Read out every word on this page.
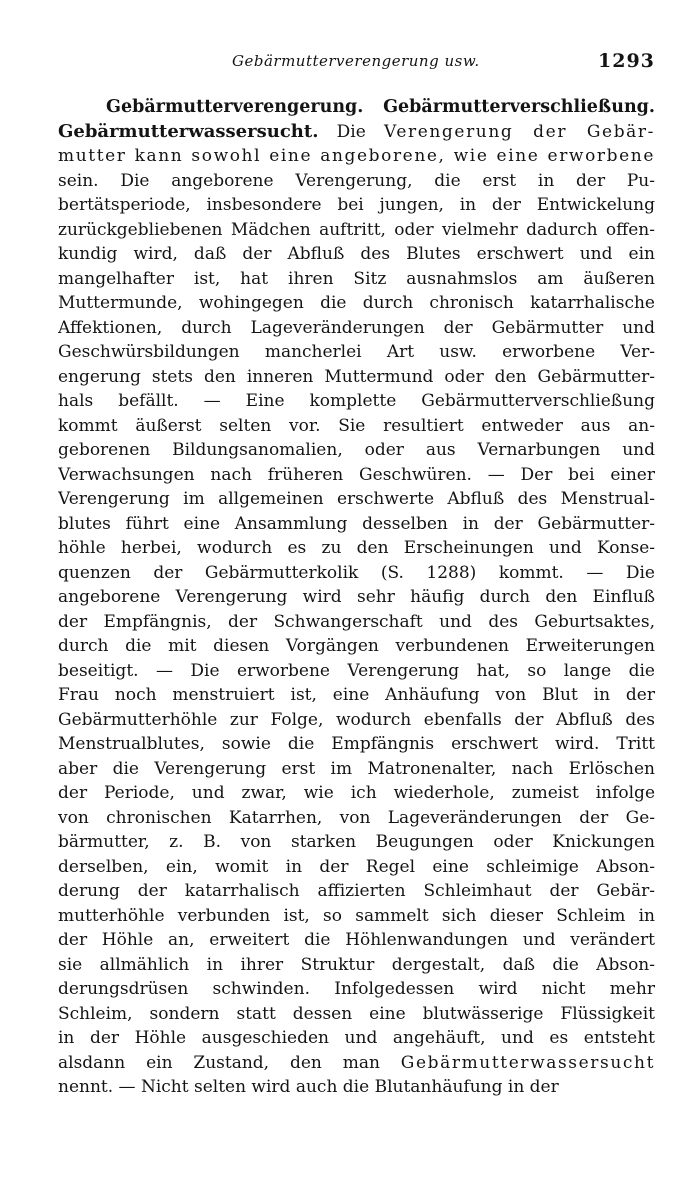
Gebärmutterverengerung usw.	1293
Gebärmutterverengerung. Gebärmutterverschließung.
Gebärmutterwassersucht. Die Verengerung der Gebär-
mutter kann sowohl eine angeborene, wie eine erworbene
sein. Die angeborene Verengerung, die erst in der Pu-
bertätsperiode, insbesondere bei jungen, in der Entwickelung
zurückgebliebenen Mädchen auftritt, oder vielmehr dadurch offen-
kundig wird, daß der Abfluß des Blutes erschwert und ein
mangelhafter ist, hat ihren Sitz ausnahmslos am äußeren
Muttermunde, wohingegen die durch chronisch katarrhalische
Affektionen, durch Lageveränderungen der Gebärmutter und
Geschwürsbildungen mancherlei Art usw. erworbene Ver-
engerung stets den inneren Muttermund oder den Gebärmutter-
hals befällt. — Eine komplette Gebärmutterverschließung
kommt äußerst selten vor. Sie resultiert entweder aus an-
geborenen Bildungsanomalien, oder aus Vernarbungen und
Verwachsungen nach früheren Geschwüren. — Der bei einer
Verengerung im allgemeinen erschwerte Abfluß des Menstrual-
blutes führt eine Ansammlung desselben in der Gebärmutter-
höhle herbei, wodurch es zu den Erscheinungen und Konse-
quenzen der Gebärmutterkolik (S. 1288) kommt. — Die
angeborene Verengerung wird sehr häufig durch den Einfluß
der Empfängnis, der Schwangerschaft und des Geburtsaktes,
durch die mit diesen Vorgängen verbundenen Erweiterungen
beseitigt. — Die erworbene Verengerung hat, so lange die
Frau noch menstruiert ist, eine Anhäufung von Blut in der
Gebärmutterhöhle zur Folge, wodurch ebenfalls der Abfluß des
Menstrualblutes, sowie die Empfängnis erschwert wird. Tritt
aber die Verengerung erst im Matronenalter, nach Erlöschen
der Periode, und zwar, wie ich wiederhole, zumeist infolge
von chronischen Katarrhen, von Lageveränderungen der Ge-
bärmutter, z. B. von starken Beugungen oder Knickungen
derselben, ein, womit in der Regel eine schleimige Abson-
derung der katarrhalisch affizierten Schleimhaut der Gebär-
mutterhöhle verbunden ist, so sammelt sich dieser Schleim in
der Höhle an, erweitert die Höhlenwandungen und verändert
sie allmählich in ihrer Struktur dergestalt, daß die Abson-
derungsdrüsen schwinden. Infolgedessen wird nicht mehr
Schleim, sondern statt dessen eine blutwässerige Flüssigkeit
in der Höhle ausgeschieden und angehäuft, und es entsteht
alsdann ein Zustand, den man Gebärmutterwassersucht
nennt. — Nicht selten wird auch die Blutanhäufung in der
